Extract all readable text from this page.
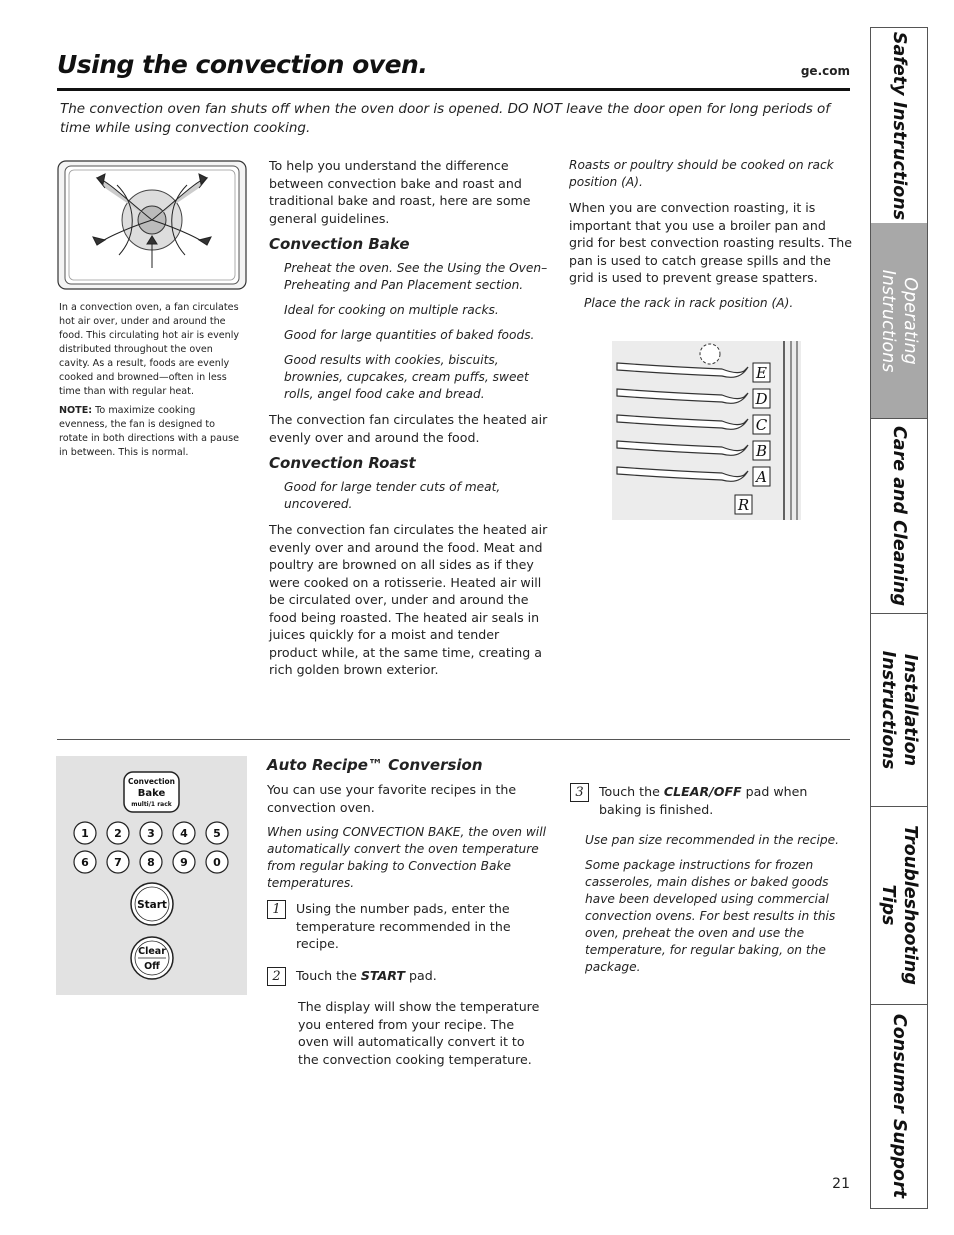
Using the convection oven.	ge.com
The convection oven fan shuts off when the oven door is opened. DO NOT leave the door open for long periods of time while using convection cooking.

In a convection oven, a fan circulates hot air over, under and around the food. This circulating hot air is evenly distributed throughout the oven cavity. As a result, foods are evenly cooked and browned—often in less time than with regular heat.

NOTE: To maximize cooking evenness, the fan is designed to rotate in both directions with a pause in between. This is normal.

To help you understand the difference between convection bake and roast and traditional bake and roast, here are some general guidelines.

Convection Bake

Preheat the oven. See the Using the Oven– Preheating and Pan Placement section.

Ideal for cooking on multiple racks.

Good for large quantities of baked foods.

Good results with cookies, biscuits, brownies, cupcakes, cream puffs, sweet rolls, angel food cake and bread.

The convection fan circulates the heated air evenly over and around the food.

Convection Roast

Good for large tender cuts of meat, uncovered.

The convection fan circulates the heated air evenly over and around the food. Meat and poultry are browned on all sides as if they were cooked on a rotisserie. Heated air will be circulated over, under and around the food being roasted. The heated air seals in juices quickly for a moist and tender product while, at the same time, creating a rich golden brown exterior.

Roasts or poultry should be cooked on rack position (A).

When you are convection roasting, it is important that you use a broiler pan and grid for best convection roasting results. The pan is used to catch grease spills and the grid is used to prevent grease spatters.

Place the rack in rack position (A).

E
D
C
B
A
R
Convection
Bake
multi/1 rack
1 2 3 4 5
6 7 8 9 0
Start
Clear
Off
Auto Recipe™ Conversion

You can use your favorite recipes in the convection oven.

When using CONVECTION BAKE, the oven will automatically convert the oven temperature from regular baking to Convection Bake temperatures.

1	Using the number pads, enter the temperature recommended in the recipe.
2	Touch the START pad.

The display will show the temperature you entered from your recipe. The oven will automatically convert it to the convection cooking temperature.

3	Touch the CLEAR/OFF pad when baking is finished.

Use pan size recommended in the recipe.

Some package instructions for frozen casseroles, main dishes or baked goods have been developed using commercial convection ovens. For best results in this oven, preheat the oven and use the temperature, for regular baking, on the package.

21
Safety Instructions
Operating
Instructions
Care and Cleaning
Installation
Instructions
Troubleshooting
Tips
Consumer Support
